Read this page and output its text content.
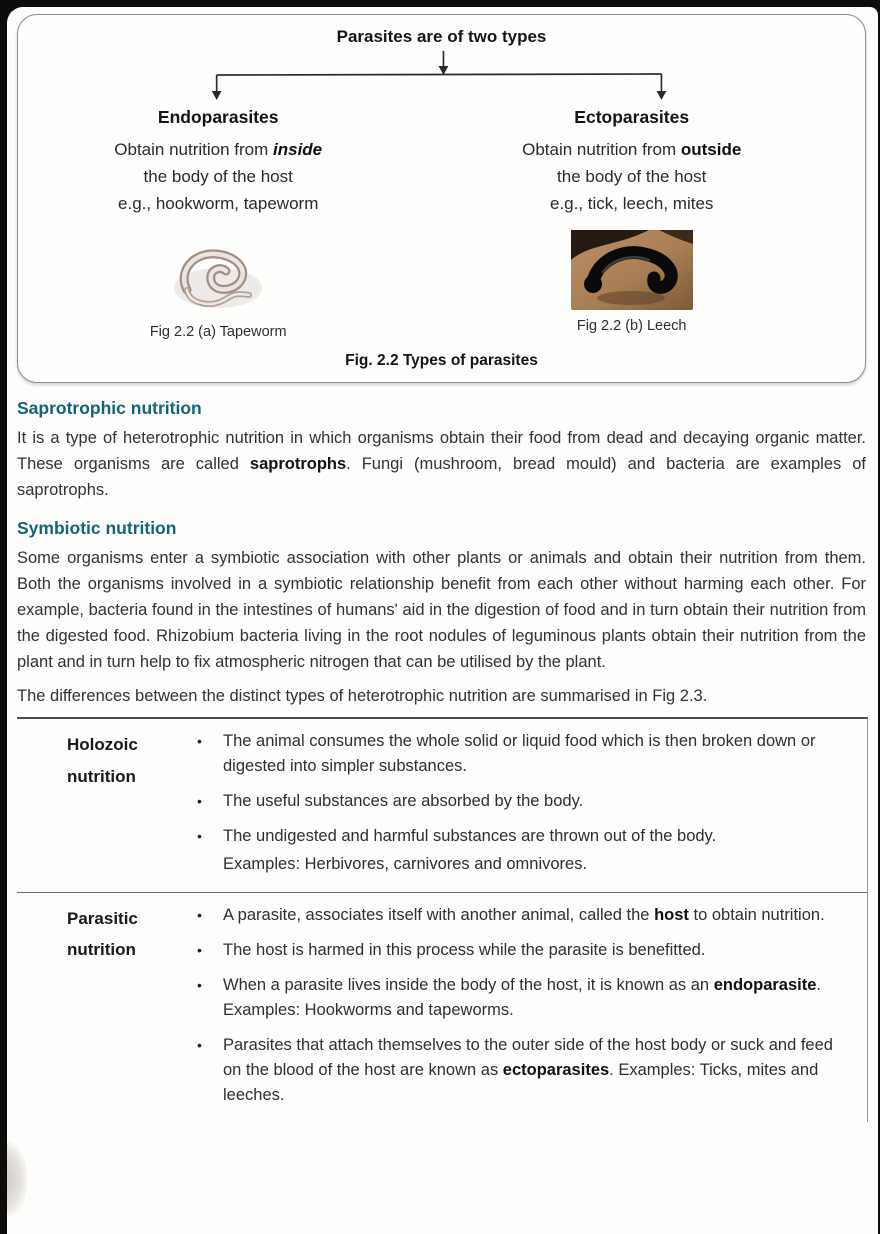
Parasites are of two types
Endoparasites
Obtain nutrition from inside
the body of the host
e.g., hookworm, tapeworm
Fig 2.2 (a) Tapeworm
Ectoparasites
Obtain nutrition from outside
the body of the host
e.g., tick, leech, mites
Fig 2.2 (b) Leech
Fig. 2.2 Types of parasites
Saprotrophic nutrition

It is a type of heterotrophic nutrition in which organisms obtain their food from dead and decaying organic matter. These organisms are called saprotrophs. Fungi (mushroom, bread mould) and bacteria are examples of saprotrophs.

Symbiotic nutrition

Some organisms enter a symbiotic association with other plants or animals and obtain their nutrition from them. Both the organisms involved in a symbiotic relationship benefit from each other without harming each other. For example, bacteria found in the intestines of humans' aid in the digestion of food and in turn obtain their nutrition from the digested food. Rhizobium bacteria living in the root nodules of leguminous plants obtain their nutrition from the plant and in turn help to fix atmospheric nitrogen that can be utilised by the plant.

The differences between the distinct types of heterotrophic nutrition are summarised in Fig 2.3.

Holozoic
nutrition
•	The animal consumes the whole solid or liquid food which is then broken down or digested into simpler substances.
•	The useful substances are absorbed by the body.
•	The undigested and harmful substances are thrown out of the body.
Examples: Herbivores, carnivores and omnivores.
Parasitic
nutrition
•	A parasite, associates itself with another animal, called the host to obtain nutrition.
•	The host is harmed in this process while the parasite is benefitted.
•	When a parasite lives inside the body of the host, it is known as an endoparasite. Examples: Hookworms and tapeworms.
•	Parasites that attach themselves to the outer side of the host body or suck and feed on the blood of the host are known as ectoparasites. Examples: Ticks, mites and leeches.
